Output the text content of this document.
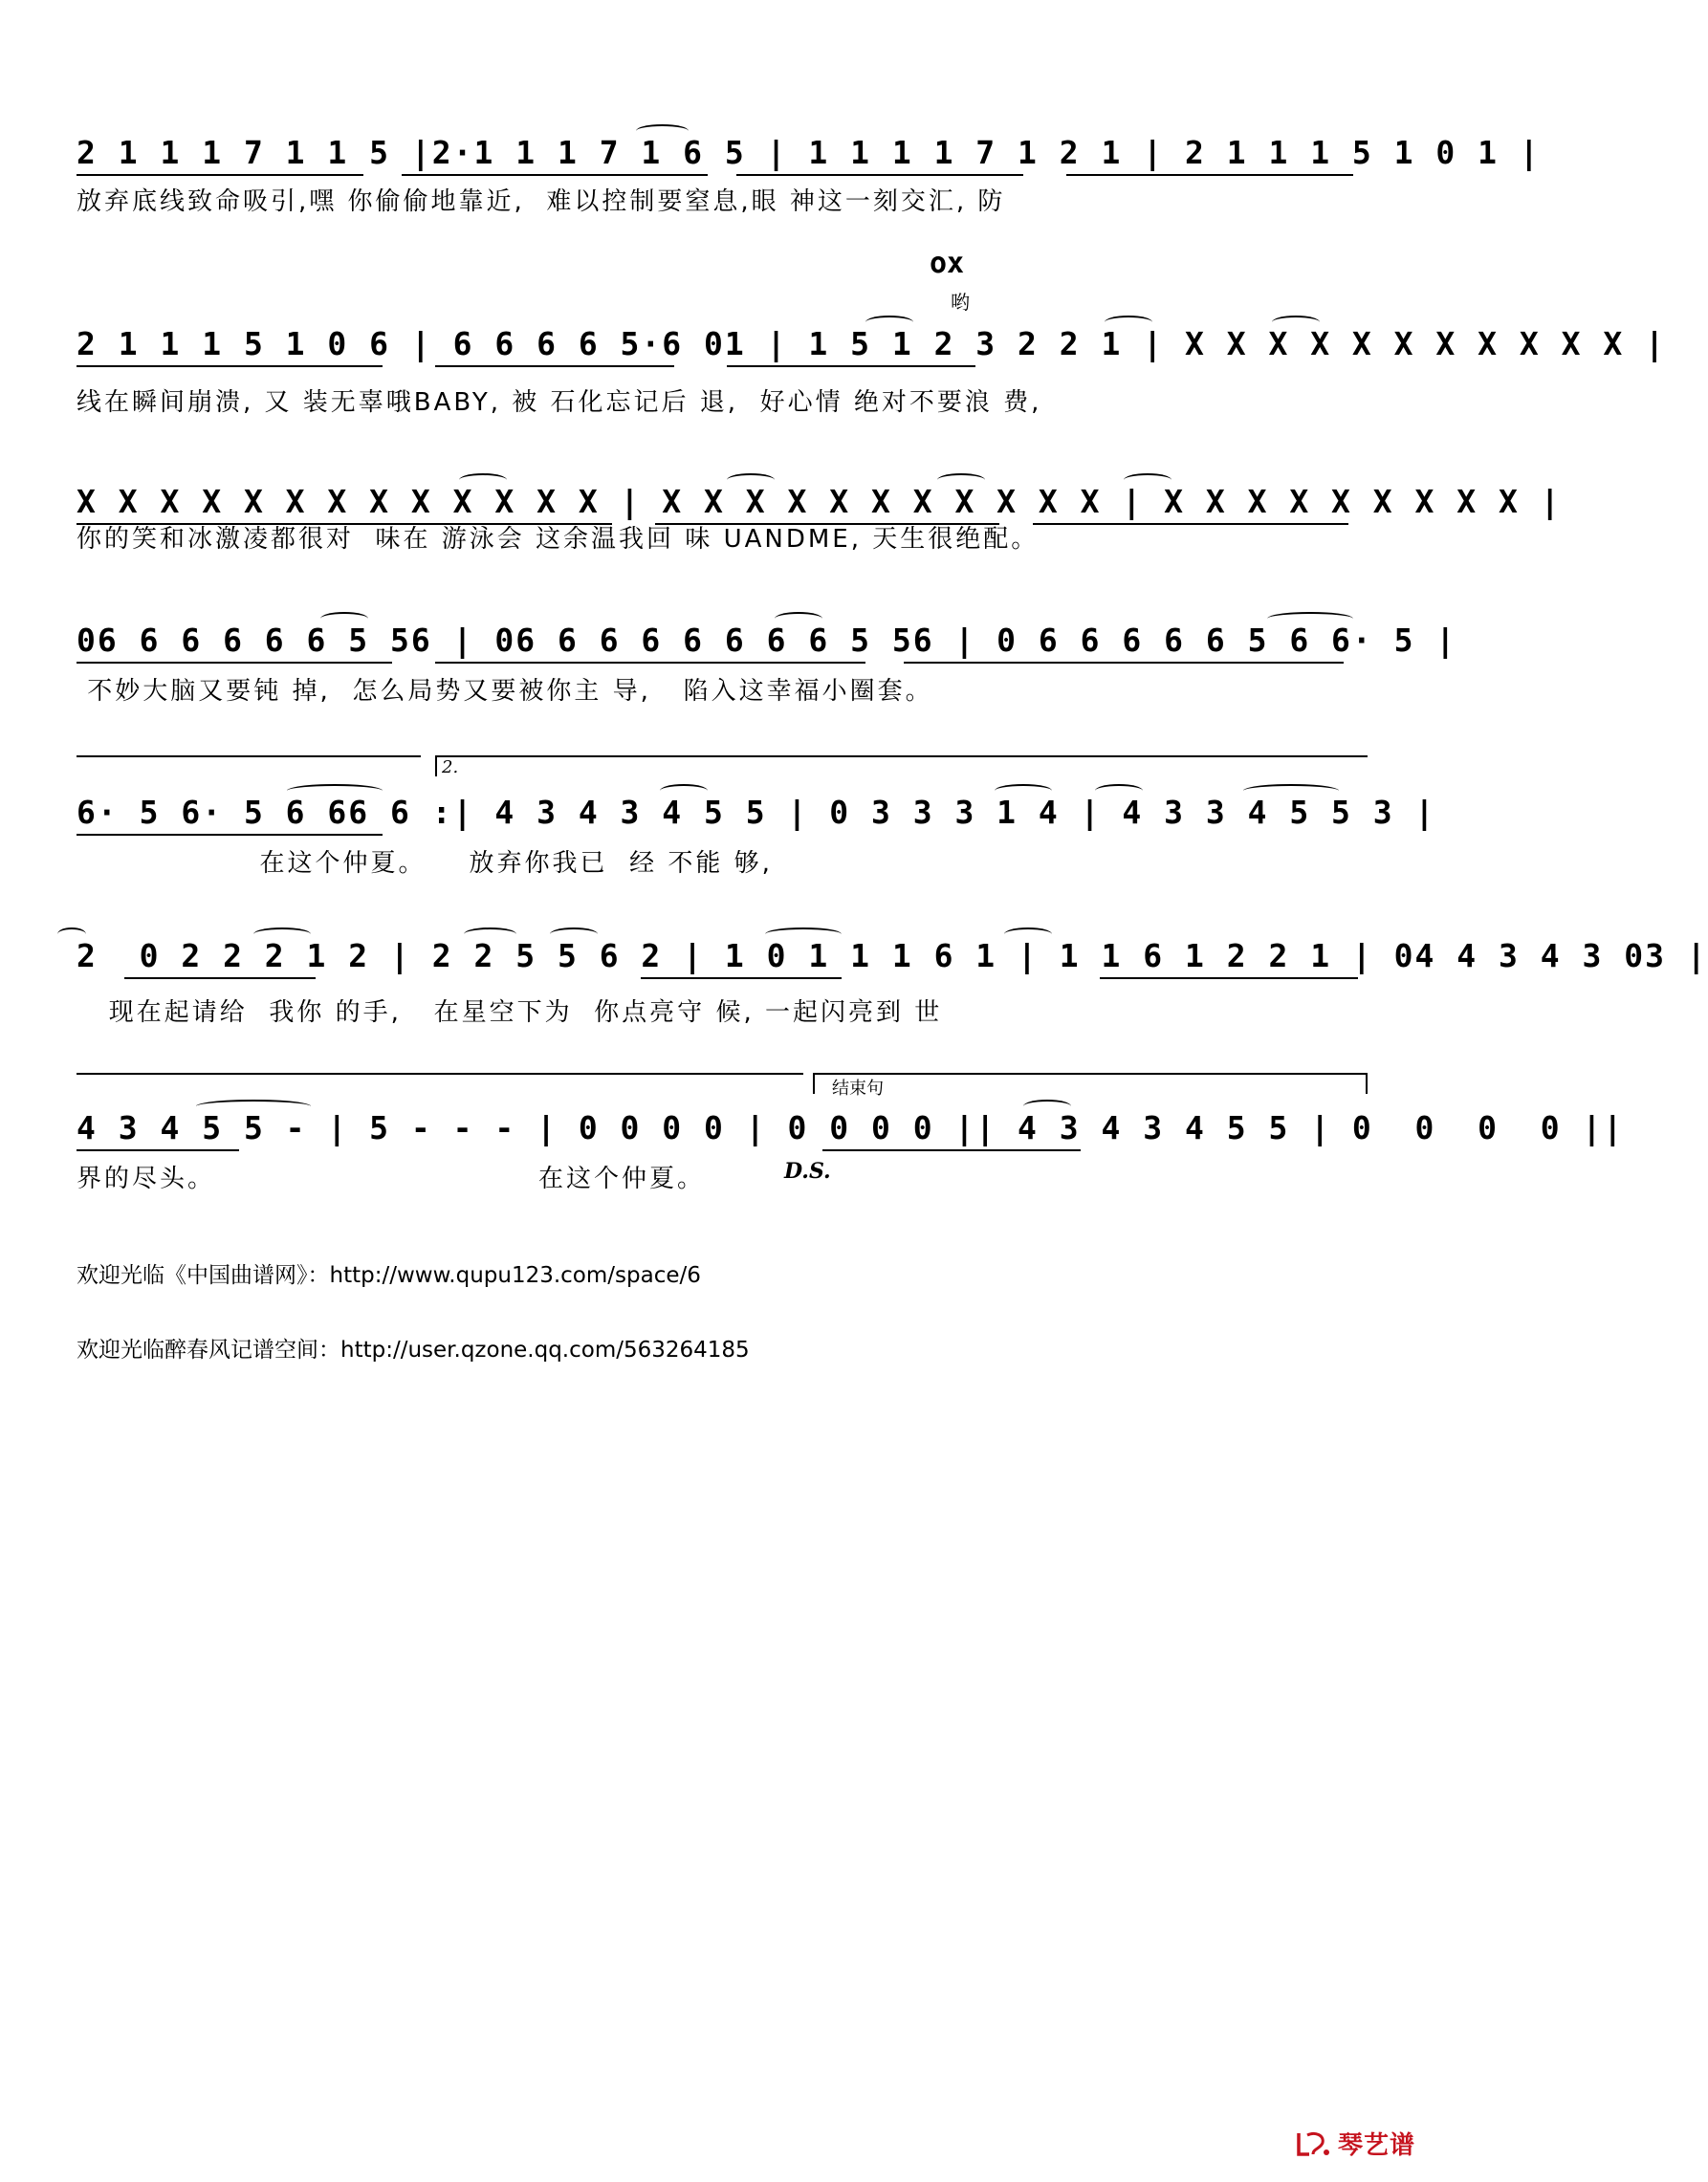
2 1 1 1 7 1 1 5 |2·1 1 1 7 1 6 5 | 1 1 1 1 7 1 2 1 | 2 1 1 1 5 1 0 1 |
放弃底线致命吸引,嘿 你偷偷地靠近,  难以控制要窒息,眼 神这一刻交汇, 防
ox
哟
2 1 1 1 5 1 0 6 | 6 6 6 6 5·6 01 | 1 5 1 2 3 2 2 1 | X X X X X X X X X X X |
线在瞬间崩溃, 又 装无辜哦BABY, 被 石化忘记后 退,  好心情 绝对不要浪 费,
X X X X X X X X X X X X X | X X X X X X X X X X X | X X X X X X X X X |
你的笑和冰激凌都很对  味在 游泳会 这余温我回 味 UANDME, 天生很绝配。
06 6 6 6 6 6 5 56 | 06 6 6 6 6 6 6 6 5 56 | 0 6 6 6 6 6 5 6 6· 5 |
不妙大脑又要钝 掉,  怎么局势又要被你主 导,   陷入这幸福小圈套。
2.
6· 5 6· 5 6 66 6 :| 4 3 4 3 4 5 5 | 0 3 3 3 1 4 | 4 3 3 4 5 5 3 |
在这个仲夏。    放弃你我已  经 不能 够,
2  0 2 2 2 1 2 | 2 2 5 5 6 2 | 1 0 1 1 1 6 1 | 1 1 6 1 2 2 1 | 04 4 3 4 3 03 |
现在起请给  我你 的手,   在星空下为  你点亮守 候, 一起闪亮到 世
结束句
4 3 4 5 5 - | 5 - - - | 0 0 0 0 | 0 0 0 0 || 4 3 4 3 4 5 5 | 0  0  0  0 ||
界的尽头。                              在这个仲夏。	D.S.
欢迎光临《中国曲谱网》：http://www.qupu123.com/space/6
欢迎光临醉春风记谱空间：http://user.qzone.qq.com/563264185
琴艺谱
